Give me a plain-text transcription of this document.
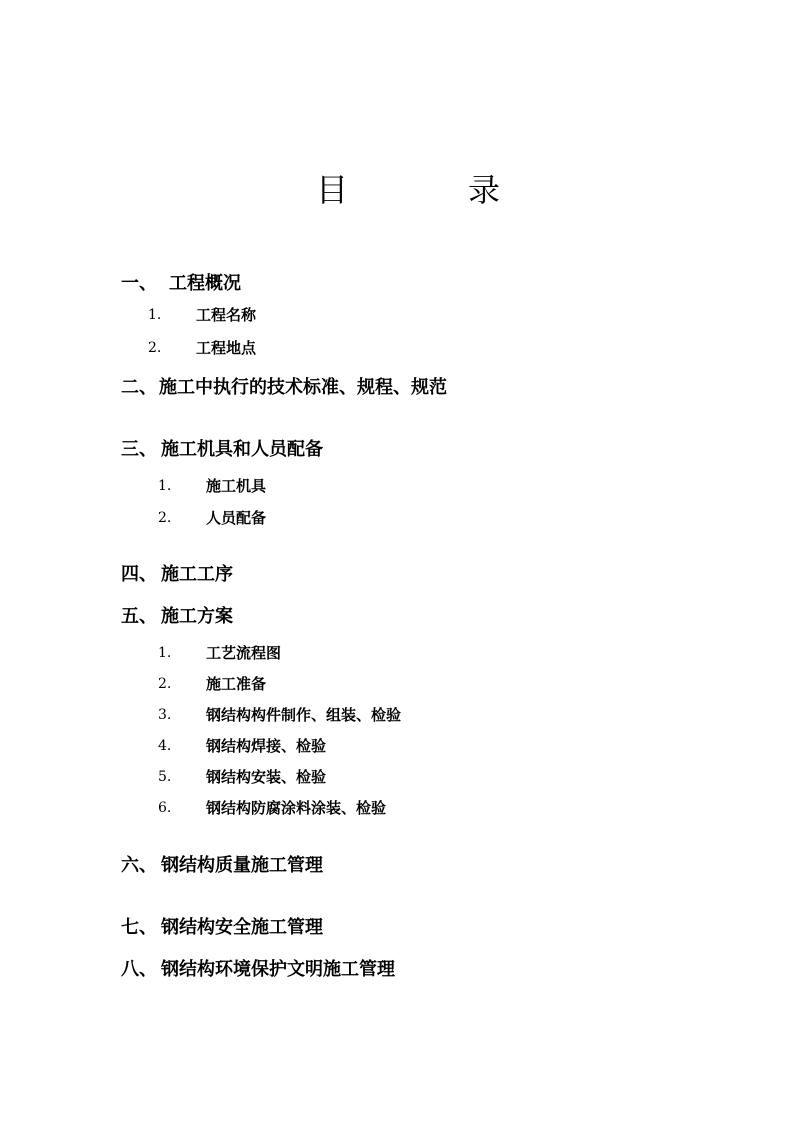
目	录
一、 工程概况
1. 工程名称
2. 工程地点
二、 施工中执行的技术标准、规程、规范
三、 施工机具和人员配备
1. 施工机具
2. 人员配备
四、 施工工序
五、 施工方案
1. 工艺流程图
2. 施工准备
3. 钢结构构件制作、组装、检验
4. 钢结构焊接、检验
5. 钢结构安装、检验
6. 钢结构防腐涂料涂装、检验
六、 钢结构质量施工管理
七、 钢结构安全施工管理
八、 钢结构环境保护文明施工管理
